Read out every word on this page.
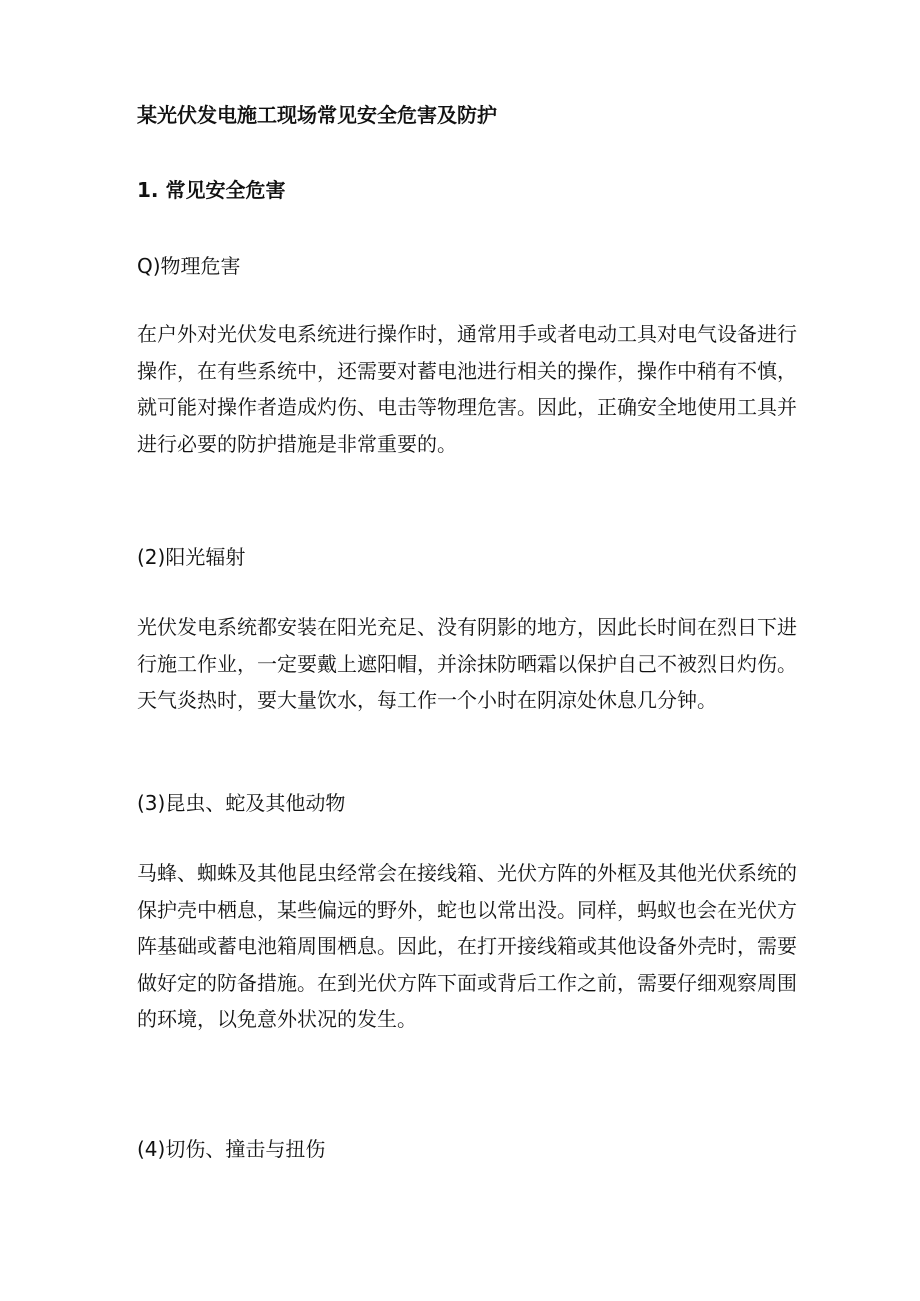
某光伏发电施工现场常见安全危害及防护

1. 常见安全危害

Q)物理危害

在户外对光伏发电系统进行操作时，通常用手或者电动工具对电气设备进行操作，在有些系统中，还需要对蓄电池进行相关的操作，操作中稍有不慎，就可能对操作者造成灼伤、电击等物理危害。因此，正确安全地使用工具并进行必要的防护措施是非常重要的。

(2)阳光辐射

光伏发电系统都安装在阳光充足、没有阴影的地方，因此长时间在烈日下进行施工作业，一定要戴上遮阳帽，并涂抹防晒霜以保护自己不被烈日灼伤。天气炎热时，要大量饮水，每工作一个小时在阴凉处休息几分钟。

(3)昆虫、蛇及其他动物

马蜂、蜘蛛及其他昆虫经常会在接线箱、光伏方阵的外框及其他光伏系统的保护壳中栖息，某些偏远的野外，蛇也以常出没。同样，蚂蚁也会在光伏方阵基础或蓄电池箱周围栖息。因此，在打开接线箱或其他设备外壳时，需要做好定的防备措施。在到光伏方阵下面或背后工作之前，需要仔细观察周围的环境，以免意外状况的发生。

(4)切伤、撞击与扭伤
